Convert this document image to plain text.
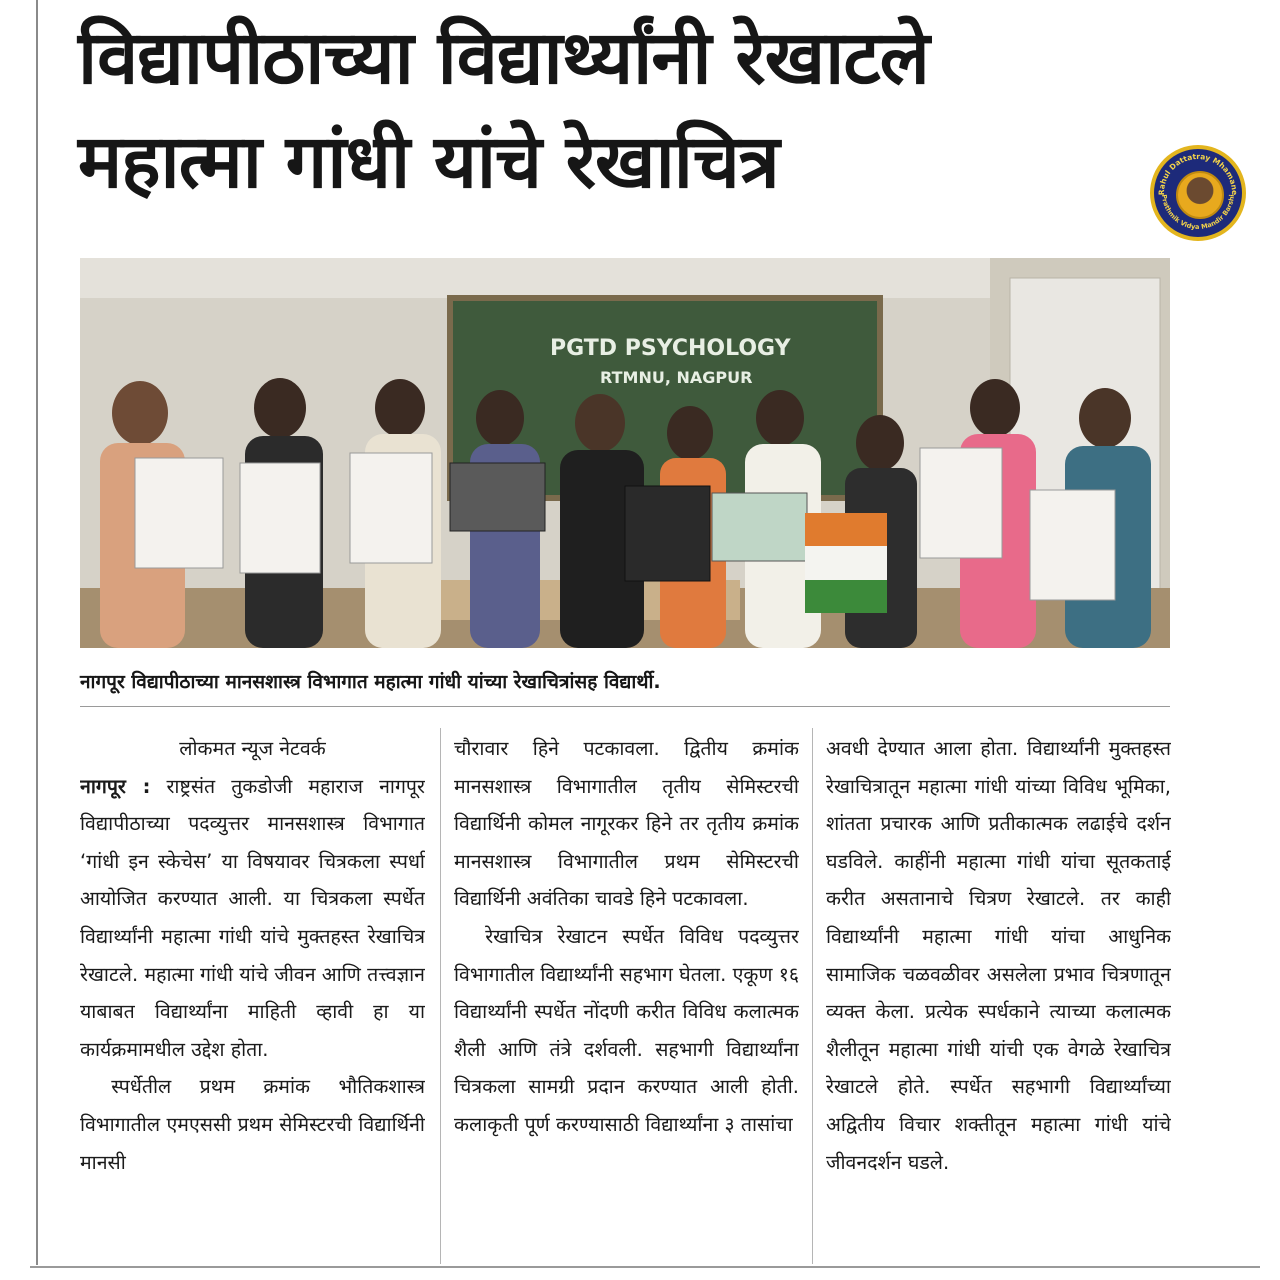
विद्यापीठाच्या विद्यार्थ्यांनी रेखाटले
महात्मा गांधी यांचे रेखाचित्र	Rahul Dattatray Mhamane
Prathmik Vidya Mandir Barshi
PGTD PSYCHOLOGY
RTMNU, NAGPUR
नागपूर विद्यापीठाच्या मानसशास्त्र विभागात महात्मा गांधी यांच्या रेखाचित्रांसह विद्यार्थी.
लोकमत न्यूज नेटवर्क

नागपूर : राष्ट्रसंत तुकडोजी महाराज नागपूर विद्यापीठाच्या पदव्युत्तर मानसशास्त्र विभागात ‘गांधी इन स्केचेस’ या विषयावर चित्रकला स्पर्धा आयोजित करण्यात आली. या चित्रकला स्पर्धेत विद्यार्थ्यांनी महात्मा गांधी यांचे मुक्तहस्त रेखाचित्र रेखाटले. महात्मा गांधी यांचे जीवन आणि तत्त्वज्ञान याबाबत विद्यार्थ्यांना माहिती व्हावी हा या कार्यक्रमामधील उद्देश होता.

स्पर्धेतील प्रथम क्रमांक भौतिकशास्त्र विभागातील एमएससी प्रथम सेमिस्टरची विद्यार्थिनी मानसी

चौरावार हिने पटकावला. द्वितीय क्रमांक मानसशास्त्र विभागातील तृतीय सेमिस्टरची विद्यार्थिनी कोमल नागूरकर हिने तर तृतीय क्रमांक मानसशास्त्र विभागातील प्रथम सेमिस्टरची विद्यार्थिनी अवंतिका चावडे हिने पटकावला.

रेखाचित्र रेखाटन स्पर्धेत विविध पदव्युत्तर विभागातील विद्यार्थ्यांनी सहभाग घेतला. एकूण १६ विद्यार्थ्यांनी स्पर्धेत नोंदणी करीत विविध कलात्मक शैली आणि तंत्रे दर्शवली. सहभागी विद्यार्थ्यांना चित्रकला सामग्री प्रदान करण्यात आली होती. कलाकृती पूर्ण करण्यासाठी विद्यार्थ्यांना ३ तासांचा

अवधी देण्यात आला होता. विद्यार्थ्यांनी मुक्तहस्त रेखाचित्रातून महात्मा गांधी यांच्या विविध भूमिका, शांतता प्रचारक आणि प्रतीकात्मक लढाईचे दर्शन घडविले. काहींनी महात्मा गांधी यांचा सूतकताई करीत असतानाचे चित्रण रेखाटले. तर काही विद्यार्थ्यांनी महात्मा गांधी यांचा आधुनिक सामाजिक चळवळीवर असलेला प्रभाव चित्रणातून व्यक्त केला. प्रत्येक स्पर्धकाने त्याच्या कलात्मक शैलीतून महात्मा गांधी यांची एक वेगळे रेखाचित्र रेखाटले होते. स्पर्धेत सहभागी विद्यार्थ्यांच्या अद्वितीय विचार शक्तीतून महात्मा गांधी यांचे जीवनदर्शन घडले.
